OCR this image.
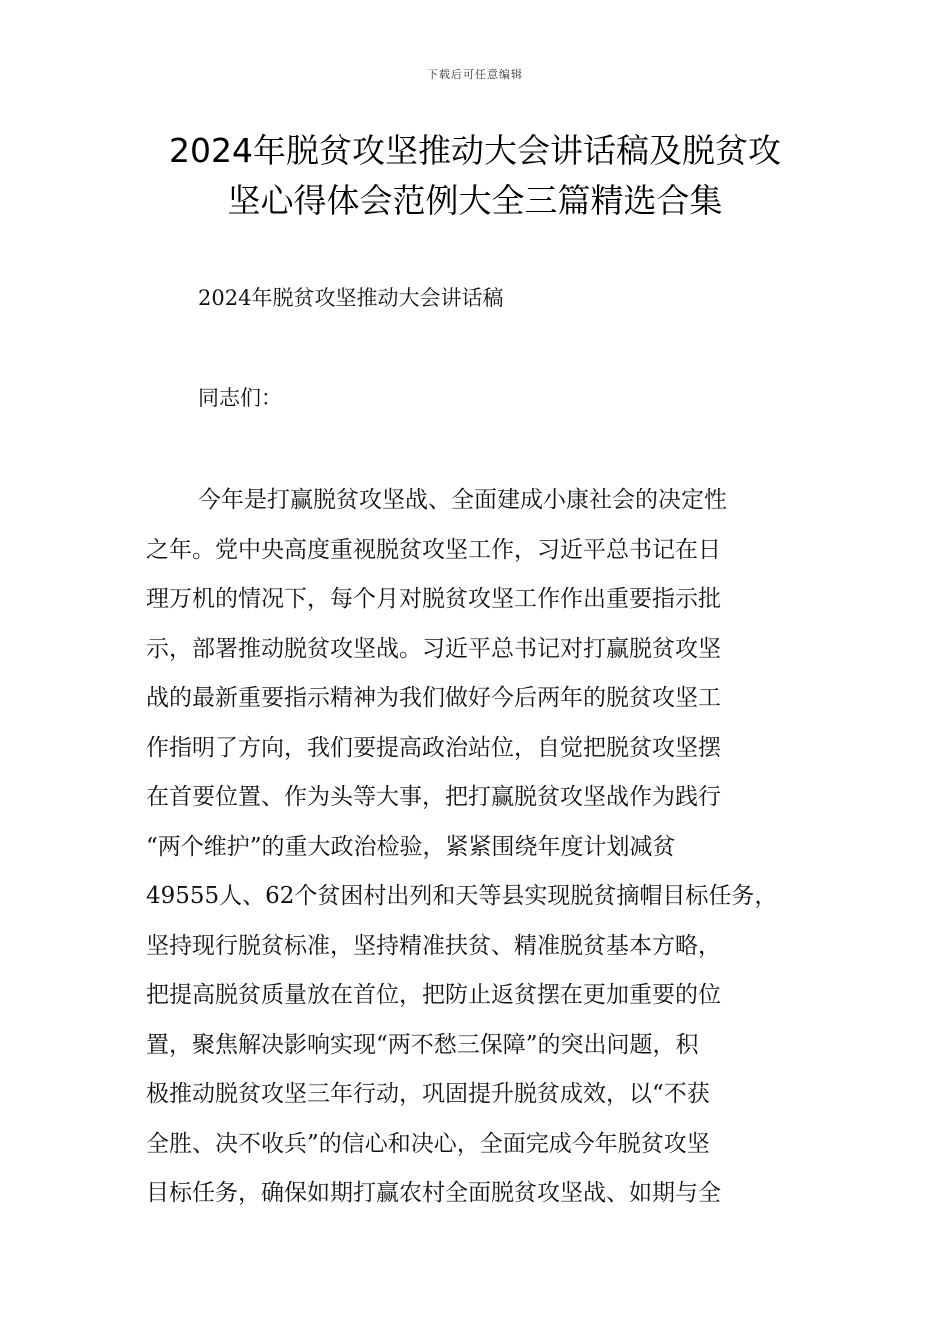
下载后可任意编辑
2024年脱贫攻坚推动大会讲话稿及脱贫攻
坚心得体会范例大全三篇精选合集
2024年脱贫攻坚推动大会讲话稿
同志们：
今年是打赢脱贫攻坚战、全面建成小康社会的决定性
之年。党中央高度重视脱贫攻坚工作，习近平总书记在日
理万机的情况下，每个月对脱贫攻坚工作作出重要指示批
示，部署推动脱贫攻坚战。习近平总书记对打赢脱贫攻坚
战的最新重要指示精神为我们做好今后两年的脱贫攻坚工
作指明了方向，我们要提高政治站位，自觉把脱贫攻坚摆
在首要位置、作为头等大事，把打赢脱贫攻坚战作为践行
“两个维护”的重大政治检验，紧紧围绕年度计划减贫
49555人、62个贫困村出列和天等县实现脱贫摘帽目标任务，
坚持现行脱贫标准，坚持精准扶贫、精准脱贫基本方略，
把提高脱贫质量放在首位，把防止返贫摆在更加重要的位
置，聚焦解决影响实现“两不愁三保障”的突出问题，积
极推动脱贫攻坚三年行动，巩固提升脱贫成效，以“不获
全胜、决不收兵”的信心和决心，全面完成今年脱贫攻坚
目标任务，确保如期打赢农村全面脱贫攻坚战、如期与全
